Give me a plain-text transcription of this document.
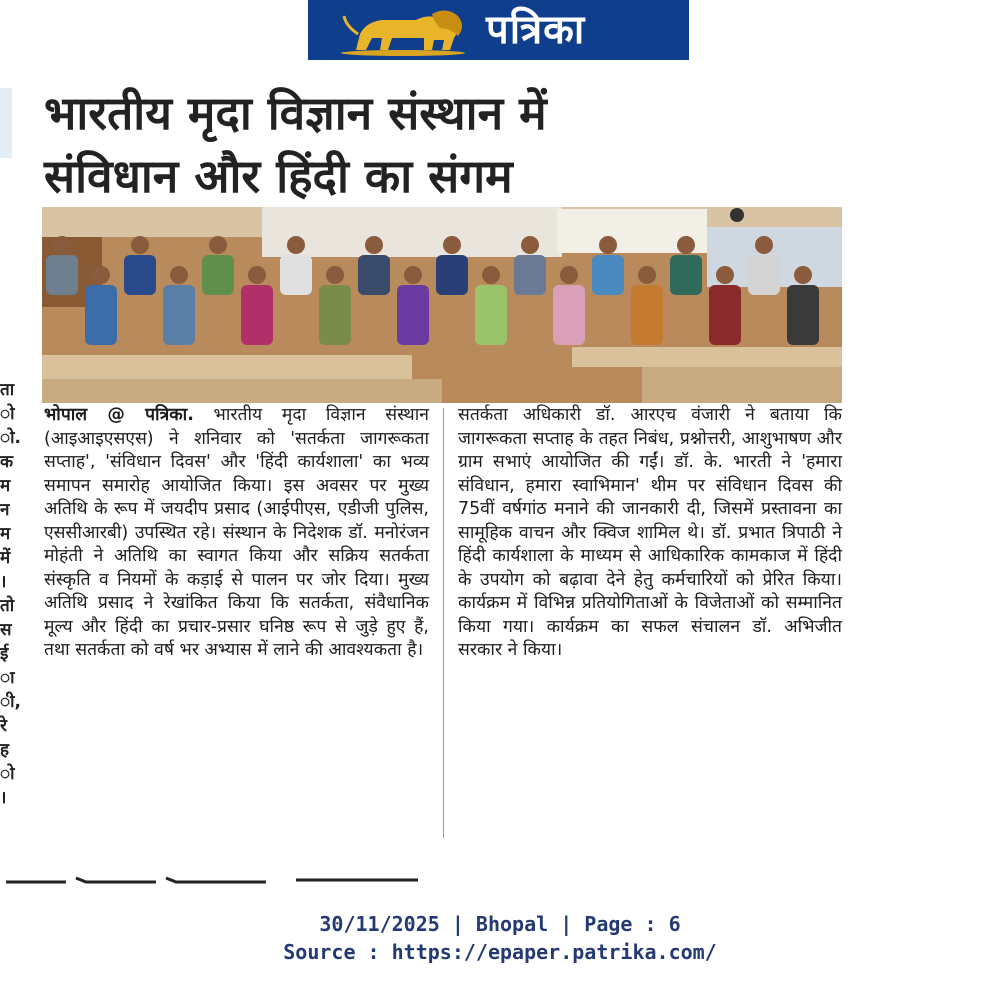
पत्रिका
ता
ो
ो.
क
म
न
म
में
।
तो
स
ई
ा
ी,
रे
ह
ो
।
भारतीय मृदा विज्ञान संस्थान में
संविधान और हिंदी का संगम

भोपाल @ पत्रिका. भारतीय मृदा विज्ञान संस्थान (आइआइएसएस) ने शनिवार को 'सतर्कता जागरूकता सप्ताह', 'संविधान दिवस' और 'हिंदी कार्यशाला' का भव्य समापन समारोह आयोजित किया। इस अवसर पर मुख्य अतिथि के रूप में जयदीप प्रसाद (आईपीएस, एडीजी पुलिस, एससीआरबी) उपस्थित रहे। संस्थान के निदेशक डॉ. मनोरंजन मोहंती ने अतिथि का स्वागत किया और सक्रिय सतर्कता संस्कृति व नियमों के कड़ाई से पालन पर जोर दिया। मुख्य अतिथि प्रसाद ने रेखांकित किया कि सतर्कता, संवैधानिक मूल्य और हिंदी का प्रचार-प्रसार घनिष्ठ रूप से जुड़े हुए हैं, तथा सतर्कता को वर्ष भर अभ्यास में लाने की आवश्यकता है।

सतर्कता अधिकारी डॉ. आरएच वंजारी ने बताया कि जागरूकता सप्ताह के तहत निबंध, प्रश्नोत्तरी, आशुभाषण और ग्राम सभाएं आयोजित की गईं। डॉ. के. भारती ने 'हमारा संविधान, हमारा स्वाभिमान' थीम पर संविधान दिवस की 75वीं वर्षगांठ मनाने की जानकारी दी, जिसमें प्रस्तावना का सामूहिक वाचन और क्विज शामिल थे। डॉ. प्रभात त्रिपाठी ने हिंदी कार्यशाला के माध्यम से आधिकारिक कामकाज में हिंदी के उपयोग को बढ़ावा देने हेतु कर्मचारियों को प्रेरित किया। कार्यक्रम में विभिन्न प्रतियोगिताओं के विजेताओं को सम्मानित किया गया। कार्यक्रम का सफल संचालन डॉ. अभिजीत सरकार ने किया।

30/11/2025 | Bhopal | Page : 6
Source : https://epaper.patrika.com/
